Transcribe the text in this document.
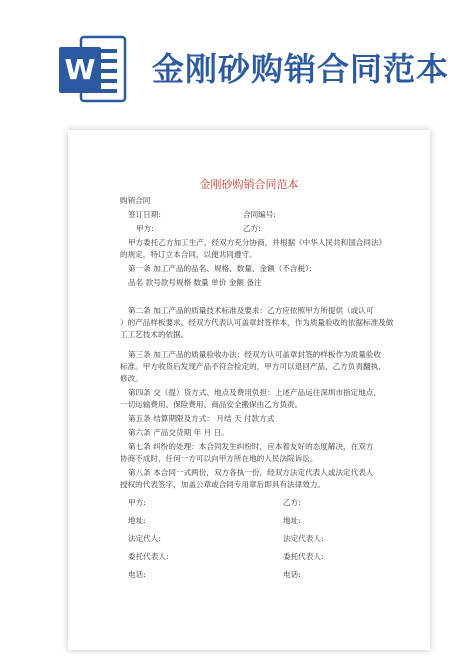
W 金刚砂购销合同范本
金刚砂购销合同范本
购销合同
签订日期:	合同编号:
甲方:	乙方:
甲方委托乙方加工生产，经双方充分协商，并根据《中华人民共和国合同法》
的规定，特订立本合同，以便共同遵守。
第一条 加工产品的品名、规格、数量、金额（不含税）：
品名 款号款号规格 数量 单价 金额 备注
第二条 加工产品的质量技术标准及要求：乙方应依照甲方所提供（或认可
）的产品样板要求，经双方代表认可盖章封签样本，作为质量验收的依据标准及做
工工艺技术的依据。
第三条 加工产品的质量验收办法：经双方认可盖章封签的样板作为质量验收
标准。甲方收货后发现产品不符合检定的，甲方可以退回产品，乙方负责翻执、
修改。
第四条 交（提）货方式、地点及费用负担：上述产品运往深圳市指定地点，
一切运输费用、保险费用、商品安全搬保由乙方负责。
第五条 结算期限及方式： 月结 天 付款方式
第六条 产品交货期 年 月 日。
第七条 纠纷的处理：本合同发生纠纷时，应本着友好的态度解决，在双方
协商不成时，任何一方可以向甲方所在地的人民法院诉讼。
第八条 本合同一式两份，双方各执一份，经双方法定代表人或法定代表人
授权的代表签字，加盖公章或合同专用章后即具有法律效力。
甲方:	乙方:
地址:	地址:
法定代人:	法定代表人:
委托代表人:	委托代表人:
电话:	电话:
